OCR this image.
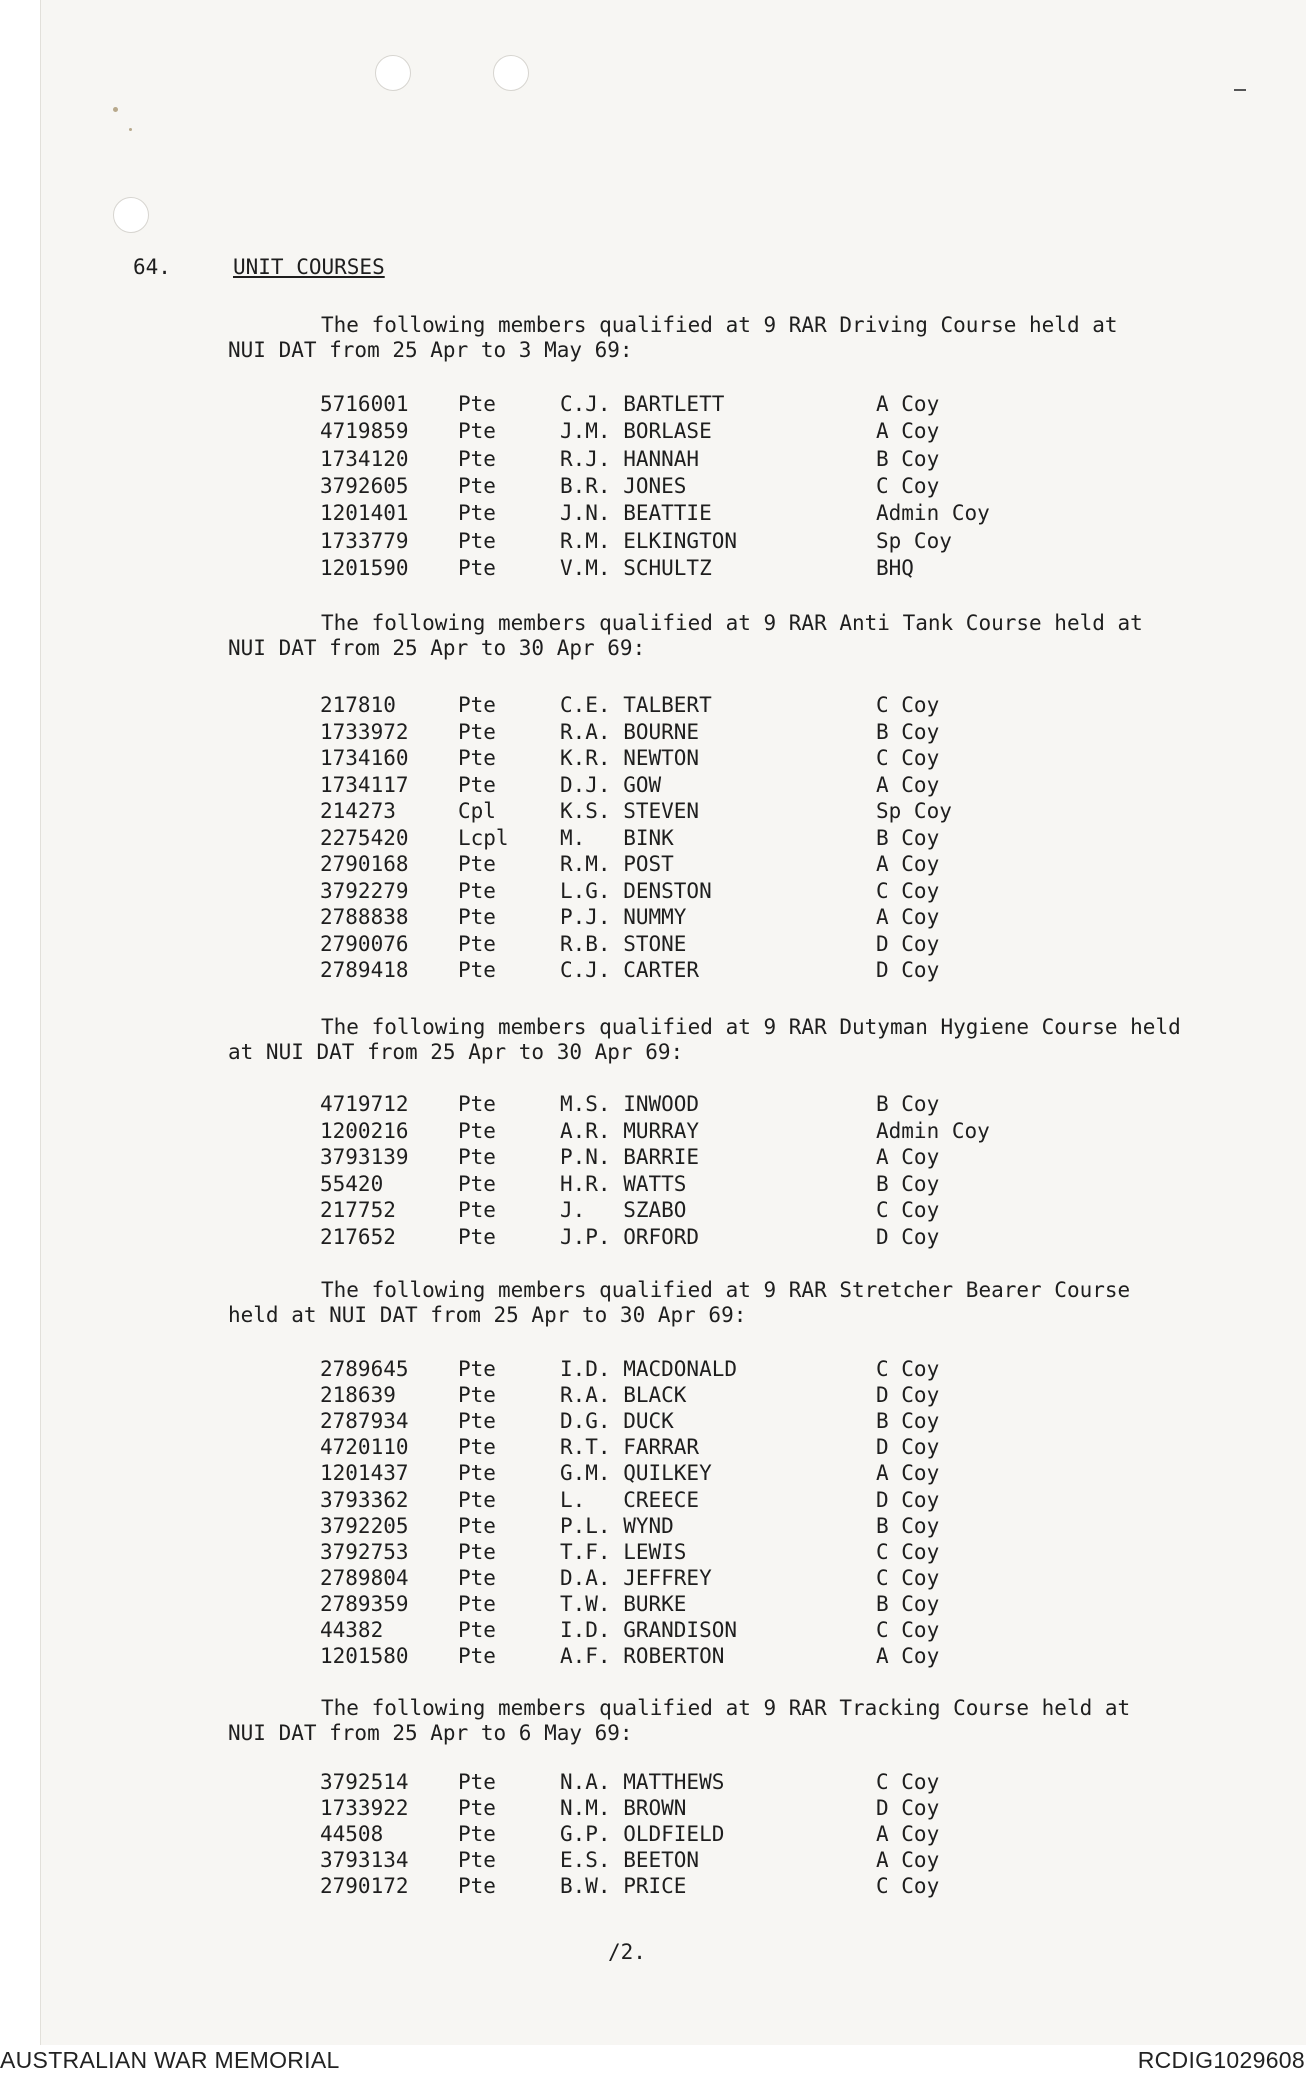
64.	UNIT COURSES
The following members qualified at 9 RAR Driving Course held at
NUI DAT from 25 Apr to 3 May 69:
The following members qualified at 9 RAR Anti Tank Course held at
NUI DAT from 25 Apr to 30 Apr 69:
The following members qualified at 9 RAR Dutyman Hygiene Course held
at NUI DAT from 25 Apr to 30 Apr 69:
The following members qualified at 9 RAR Stretcher Bearer Course
held at NUI DAT from 25 Apr to 30 Apr 69:
The following members qualified at 9 RAR Tracking Course held at
NUI DAT from 25 Apr to 6 May 69:
/2.
AUSTRALIAN WAR MEMORIAL	RCDIG1029608
5716001 Pte	C.J. BARTLETT	A Coy
4719859 Pte	J.M. BORLASE	A Coy
1734120 Pte	R.J. HANNAH	B Coy
3792605 Pte	B.R. JONES	C Coy
1201401 Pte	J.N. BEATTIE	Admin Coy
1733779 Pte	R.M. ELKINGTON	Sp Coy
1201590 Pte	V.M. SCHULTZ	BHQ
217810	Pte	C.E. TALBERT	C Coy
1733972 Pte	R.A. BOURNE	B Coy
1734160 Pte	K.R. NEWTON	C Coy
1734117 Pte	D.J. GOW	A Coy
214273	Cpl	K.S. STEVEN	Sp Coy
2275420 Lcpl M.   BINK	B Coy
2790168 Pte	R.M. POST	A Coy
3792279 Pte	L.G. DENSTON	C Coy
2788838 Pte	P.J. NUMMY	A Coy
2790076 Pte	R.B. STONE	D Coy
2789418 Pte	C.J. CARTER	D Coy
4719712 Pte	M.S. INWOOD	B Coy
1200216 Pte	A.R. MURRAY	Admin Coy
3793139 Pte	P.N. BARRIE	A Coy
55420	Pte	H.R. WATTS	B Coy
217752	Pte	J.   SZABO	C Coy
217652	Pte	J.P. ORFORD	D Coy
2789645 Pte	I.D. MACDONALD	C Coy
218639	Pte	R.A. BLACK	D Coy
2787934 Pte	D.G. DUCK	B Coy
4720110 Pte	R.T. FARRAR	D Coy
1201437 Pte	G.M. QUILKEY	A Coy
3793362 Pte	L.   CREECE	D Coy
3792205 Pte	P.L. WYND	B Coy
3792753 Pte	T.F. LEWIS	C Coy
2789804 Pte	D.A. JEFFREY	C Coy
2789359 Pte	T.W. BURKE	B Coy
44382	Pte	I.D. GRANDISON	C Coy
1201580 Pte	A.F. ROBERTON	A Coy
3792514 Pte	N.A. MATTHEWS	C Coy
1733922 Pte	N.M. BROWN	D Coy
44508	Pte	G.P. OLDFIELD	A Coy
3793134 Pte	E.S. BEETON	A Coy
2790172 Pte	B.W. PRICE	C Coy
